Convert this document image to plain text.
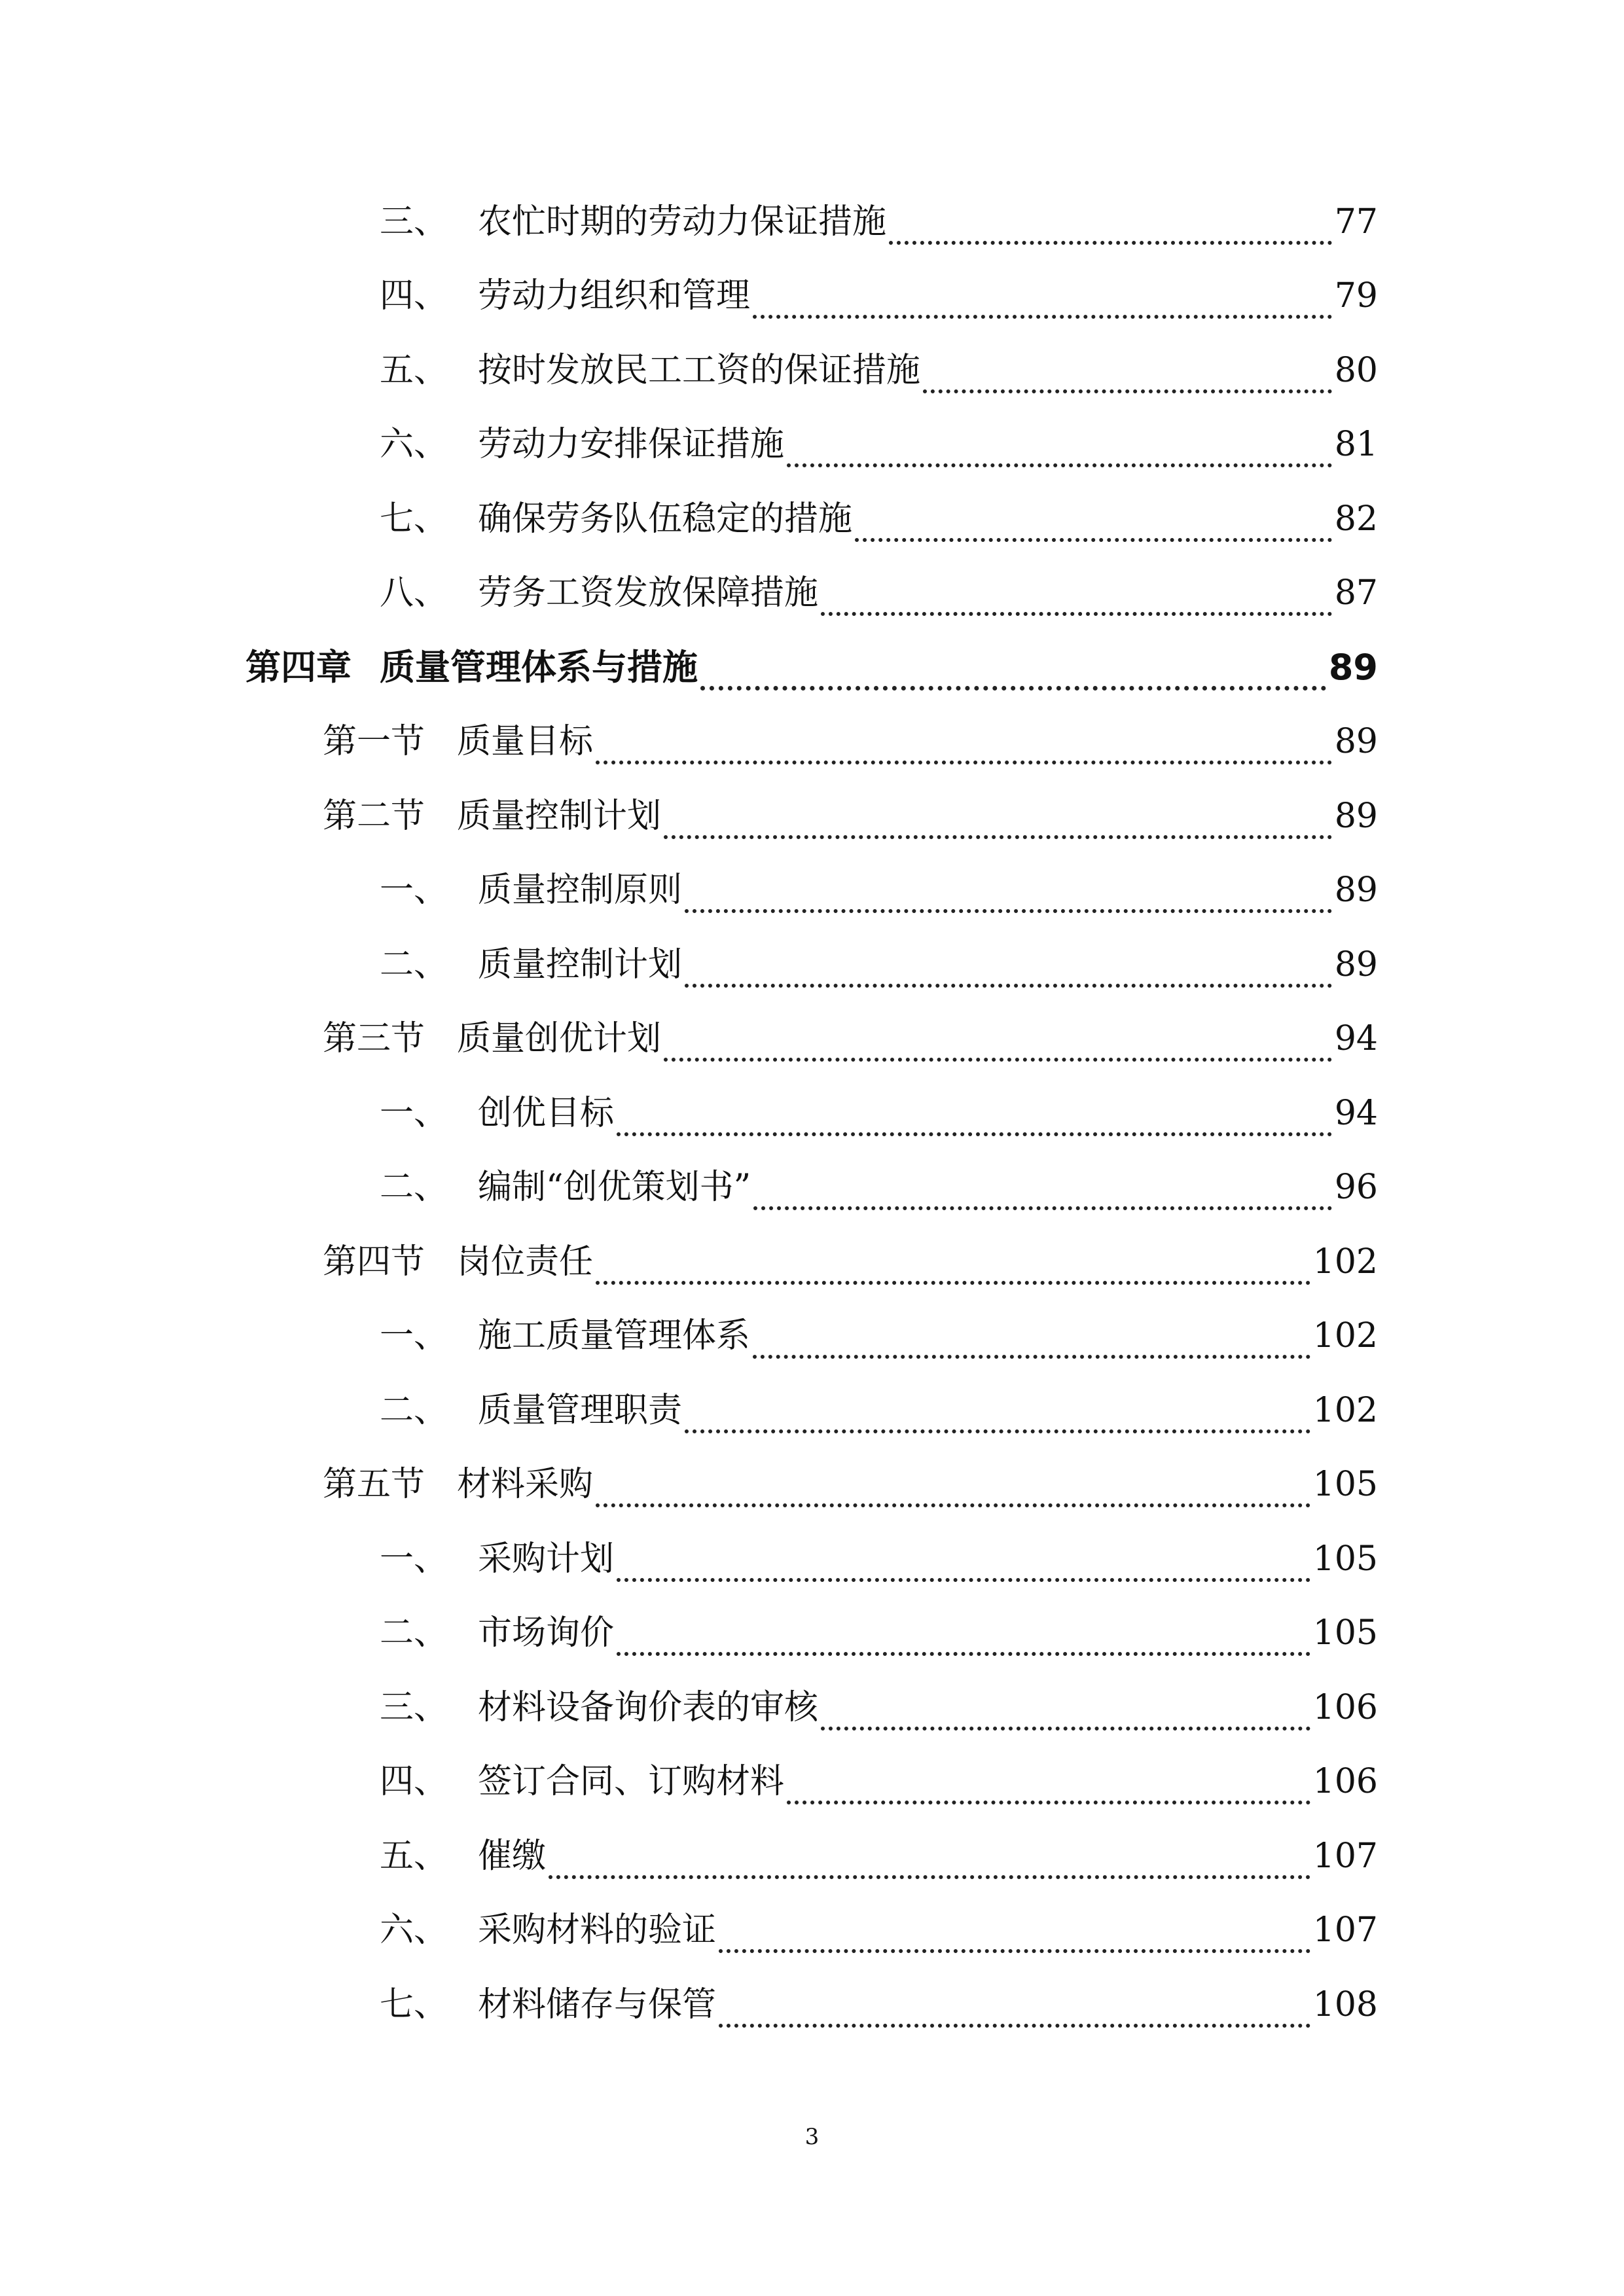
三、 农忙时期的劳动力保证措施	77
四、 劳动力组织和管理	79
五、 按时发放民工工资的保证措施	80
六、 劳动力安排保证措施	81
七、 确保劳务队伍稳定的措施	82
八、 劳务工资发放保障措施	87
第四章 质量管理体系与措施	89
第一节 质量目标	89
第二节 质量控制计划	89
一、 质量控制原则	89
二、 质量控制计划	89
第三节 质量创优计划	94
一、 创优目标	94
二、 编制“创优策划书”	96
第四节 岗位责任	102
一、 施工质量管理体系	102
二、 质量管理职责	102
第五节 材料采购	105
一、 采购计划	105
二、 市场询价	105
三、 材料设备询价表的审核	106
四、 签订合同、订购材料	106
五、 催缴	107
六、 采购材料的验证	107
七、 材料储存与保管	108
3
